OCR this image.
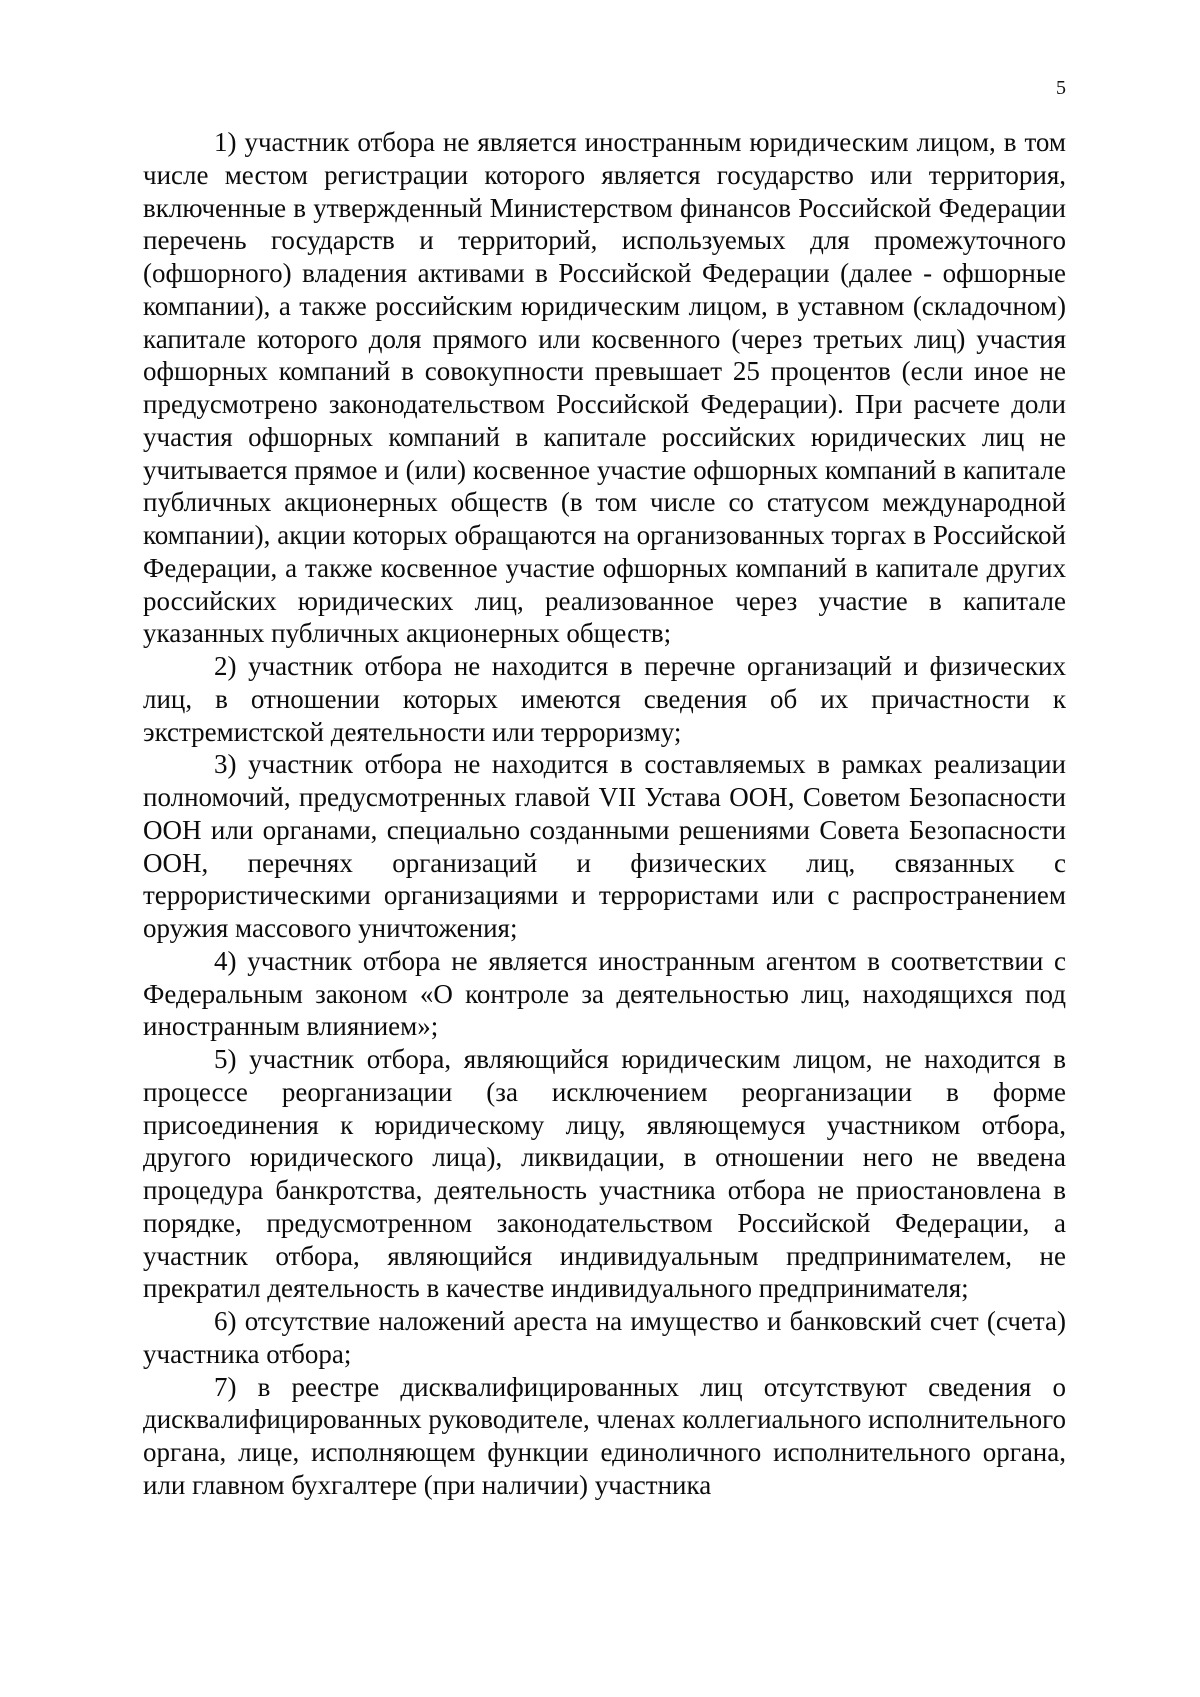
5

1) участник отбора не является иностранным юридическим лицом, в том числе местом регистрации которого является государство или территория, включенные в утвержденный Министерством финансов Российской Федерации перечень государств и территорий, используемых для промежуточного (офшорного) владения активами в Российской Федерации (далее - офшорные компании), а также российским юридическим лицом, в уставном (складочном) капитале которого доля прямого или косвенного (через третьих лиц) участия офшорных компаний в совокупности превышает 25 процентов (если иное не предусмотрено законодательством Российской Федерации). При расчете доли участия офшорных компаний в капитале российских юридических лиц не учитывается прямое и (или) косвенное участие офшорных компаний в капитале публичных акционерных обществ (в том числе со статусом международной компании), акции которых обращаются на организованных торгах в Российской Федерации, а также косвенное участие офшорных компаний в капитале других российских юридических лиц, реализованное через участие в капитале указанных публичных акционерных обществ;

2) участник отбора не находится в перечне организаций и физических лиц, в отношении которых имеются сведения об их причастности к экстремистской деятельности или терроризму;

3) участник отбора не находится в составляемых в рамках реализации полномочий, предусмотренных главой VII Устава ООН, Советом Безопасности ООН или органами, специально созданными решениями Совета Безопасности ООН, перечнях организаций и физических лиц, связанных с террористическими организациями и террористами или с распространением оружия массового уничтожения;

4) участник отбора не является иностранным агентом в соответствии с Федеральным законом «О контроле за деятельностью лиц, находящихся под иностранным влиянием»;

5) участник отбора, являющийся юридическим лицом, не находится в процессе реорганизации (за исключением реорганизации в форме присоединения к юридическому лицу, являющемуся участником отбора, другого юридического лица), ликвидации, в отношении него не введена процедура банкротства, деятельность участника отбора не приостановлена в порядке, предусмотренном законодательством Российской Федерации, а участник отбора, являющийся индивидуальным предпринимателем, не прекратил деятельность в качестве индивидуального предпринимателя;

6) отсутствие наложений ареста на имущество и банковский счет (счета) участника отбора;

7) в реестре дисквалифицированных лиц отсутствуют сведения о дисквалифицированных руководителе, членах коллегиального исполнительного органа, лице, исполняющем функции единоличного исполнительного органа, или главном бухгалтере (при наличии) участника
